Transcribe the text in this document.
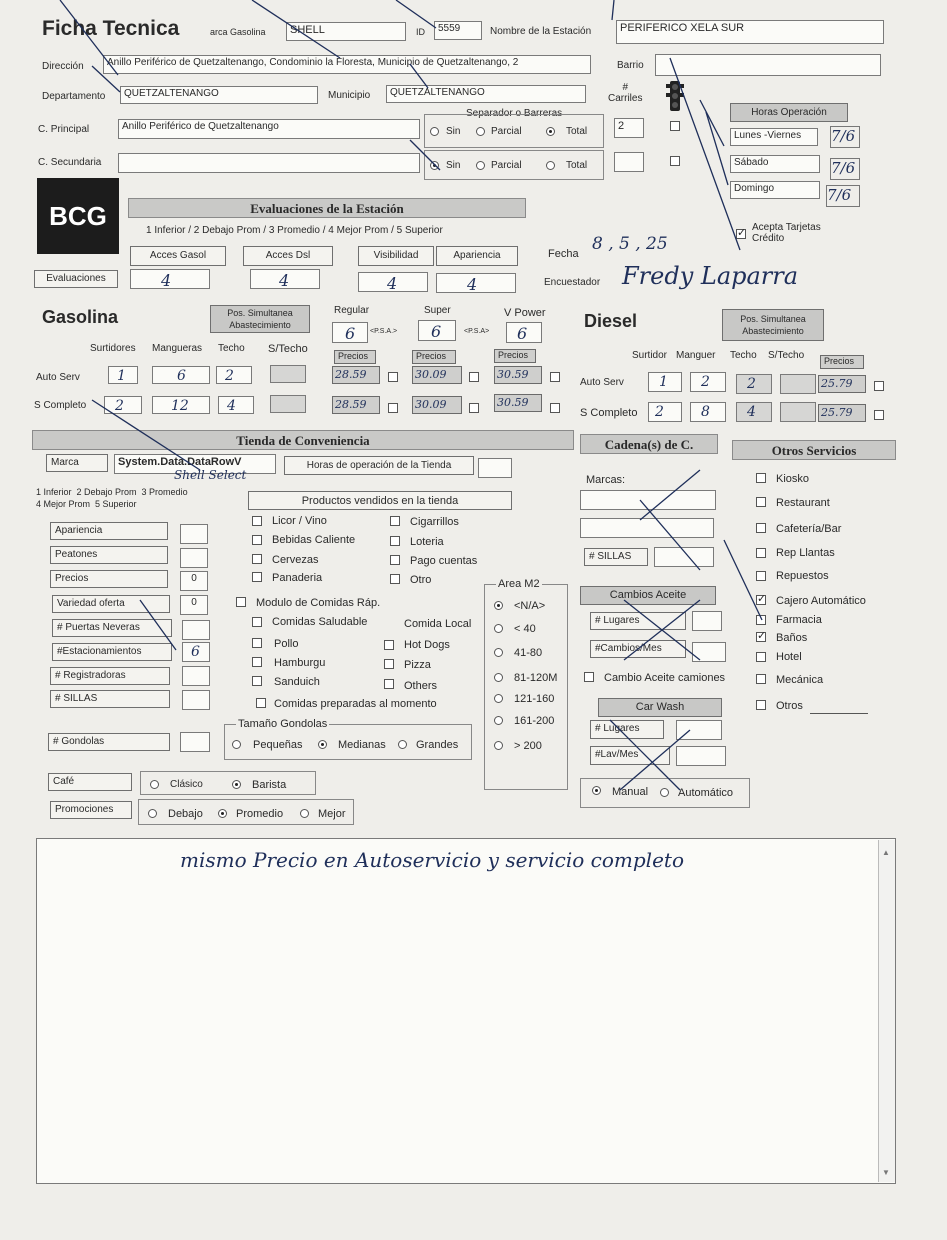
Ficha Tecnica	arca Gasolina	SHELL	ID	5559	Nombre de la Estación	PERIFERICO XELA SUR
Dirección	Anillo Periférico de Quetzaltenango, Condominio la Floresta, Municipio de Quetzaltenango, 2	Barrio
Departamento	QUETZALTENANGO	Municipio	QUETZALTENANGO	#
Carriles
Separador o Barreras
C. Principal	Anillo Periférico de Quetzaltenango	Sin	Parcial	Total	2
C. Secundaria	Sin	Parcial	Total
Horas Operación
Lunes -Viernes	7/6
Sábado	7/6
Domingo	7/6
✓
Acepta Tarjetas Crédito
BCG	Evaluaciones de la Estación
1 Inferior / 2 Debajo Prom / 3 Promedio / 4 Mejor Prom / 5 Superior
Acces Gasol	Acces Dsl	Visibilidad	Apariencia
Evaluaciones	4	4	4	4
Fecha 8 , 5 , 25
Encuestador Fredy Laparra
Gasolina	Pos. Simultanea Abastecimiento
Regular	Super	V Power
6	<P.S.A.>	6	<P.S.A>	6
Surtidores Mangueras Techo S/Techo
Precios	Precios	Precios
Auto Serv	1	6	2	28.59	30.09	30.59
S Completo	2	12	4	28.59	30.09	30.59
Diesel	Pos. Simultanea Abastecimiento
Surtidor Manguer Techo S/Techo	Precios
Auto Serv	1	2	2	25.79
S Completo	2	8	4	25.79
Tienda de Conveniencia
Marca	System.Data.DataRowV
Shell Select
Horas de operación de la Tienda
1 Inferior  2 Debajo Prom  3 Promedio
4 Mejor Prom  5 Superior	Productos vendidos en la tienda
Apariencia
Peatones
Precios	0
Variedad oferta	0
# Puertas Neveras
#Estacionamientos	6
# Registradoras
# SILLAS
Licor / Vino
Bebidas Caliente
Cervezas
Panaderia
Cigarrillos
Loteria
Pago cuentas
Otro
Modulo de Comidas Ráp.
Comidas Saludable	Comida Local
Pollo
Hamburgu
Sanduich
Comidas preparadas al momento
Hot Dogs
Pizza
Others
Area M2
<N/A>
< 40
41-80
81-120M
121-160
161-200
> 200
Tamaño Gondolas
Pequeñas	Medianas	Grandes
# Gondolas
Café	Clásico	Barista
Promociones	Debajo	Promedio	Mejor
Cadena(s) de C.
Marcas:
# SILLAS
Cambios Aceite
# Lugares
#Cambios/Mes
Cambio Aceite camiones
Car Wash
# Lugares
#Lav/Mes
Manual	Automático
Otros Servicios
Kiosko
Restaurant
Cafetería/Bar
Rep Llantas
Repuestos
✓
Cajero Automático
Farmacia
✓
Baños
Hotel
Mecánica
Otros
mismo Precio en Autoservicio y servicio completo	▲
▼
